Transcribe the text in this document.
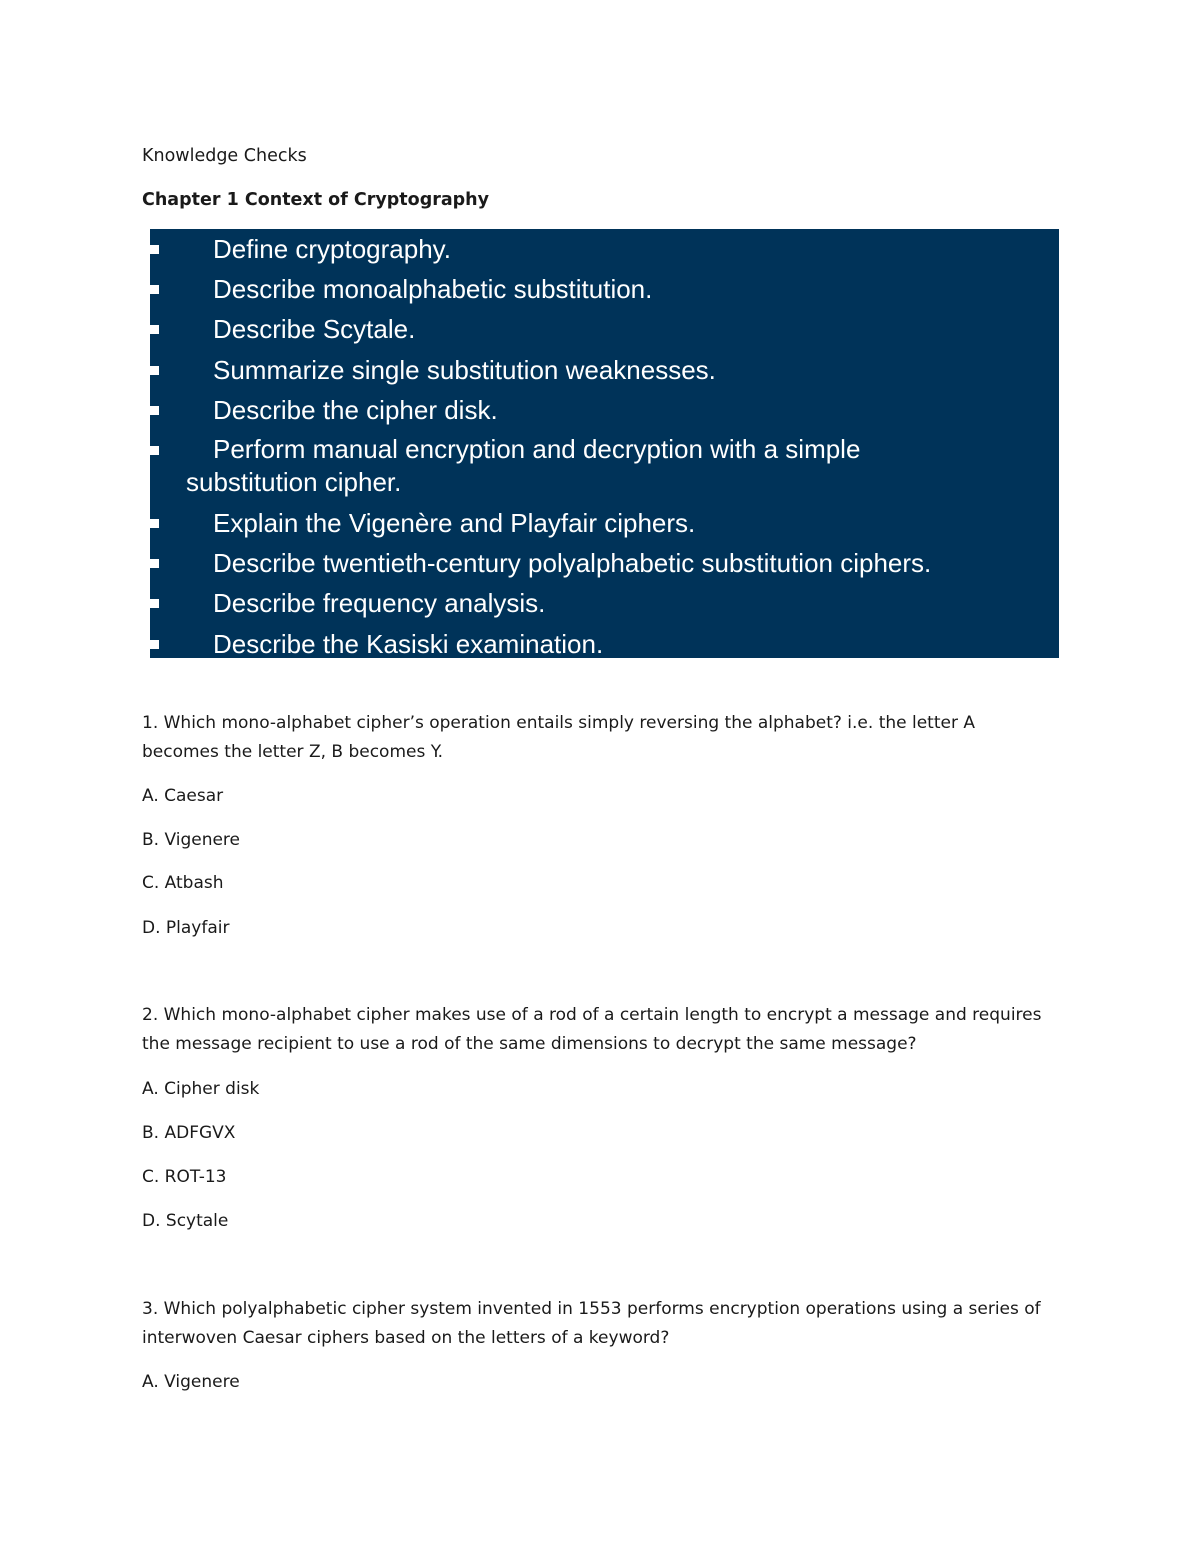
Knowledge Checks
Chapter 1 Context of Cryptography
Define cryptography.
Describe monoalphabetic substitution.
Describe Scytale.
Summarize single substitution weaknesses.
Describe the cipher disk.
Perform manual encryption and decryption with a simple
substitution cipher.
Explain the Vigenère and Playfair ciphers.
Describe twentieth-century polyalphabetic substitution ciphers.
Describe frequency analysis.
Describe the Kasiski examination.
1. Which mono-alphabet cipher’s operation entails simply reversing the alphabet? i.e. the letter A
becomes the letter Z, B becomes Y.
A. Caesar
B. Vigenere
C. Atbash
D. Playfair
2. Which mono-alphabet cipher makes use of a rod of a certain length to encrypt a message and requires
the message recipient to use a rod of the same dimensions to decrypt the same message?
A. Cipher disk
B. ADFGVX
C. ROT-13
D. Scytale
3. Which polyalphabetic cipher system invented in 1553 performs encryption operations using a series of
interwoven Caesar ciphers based on the letters of a keyword?
A. Vigenere
